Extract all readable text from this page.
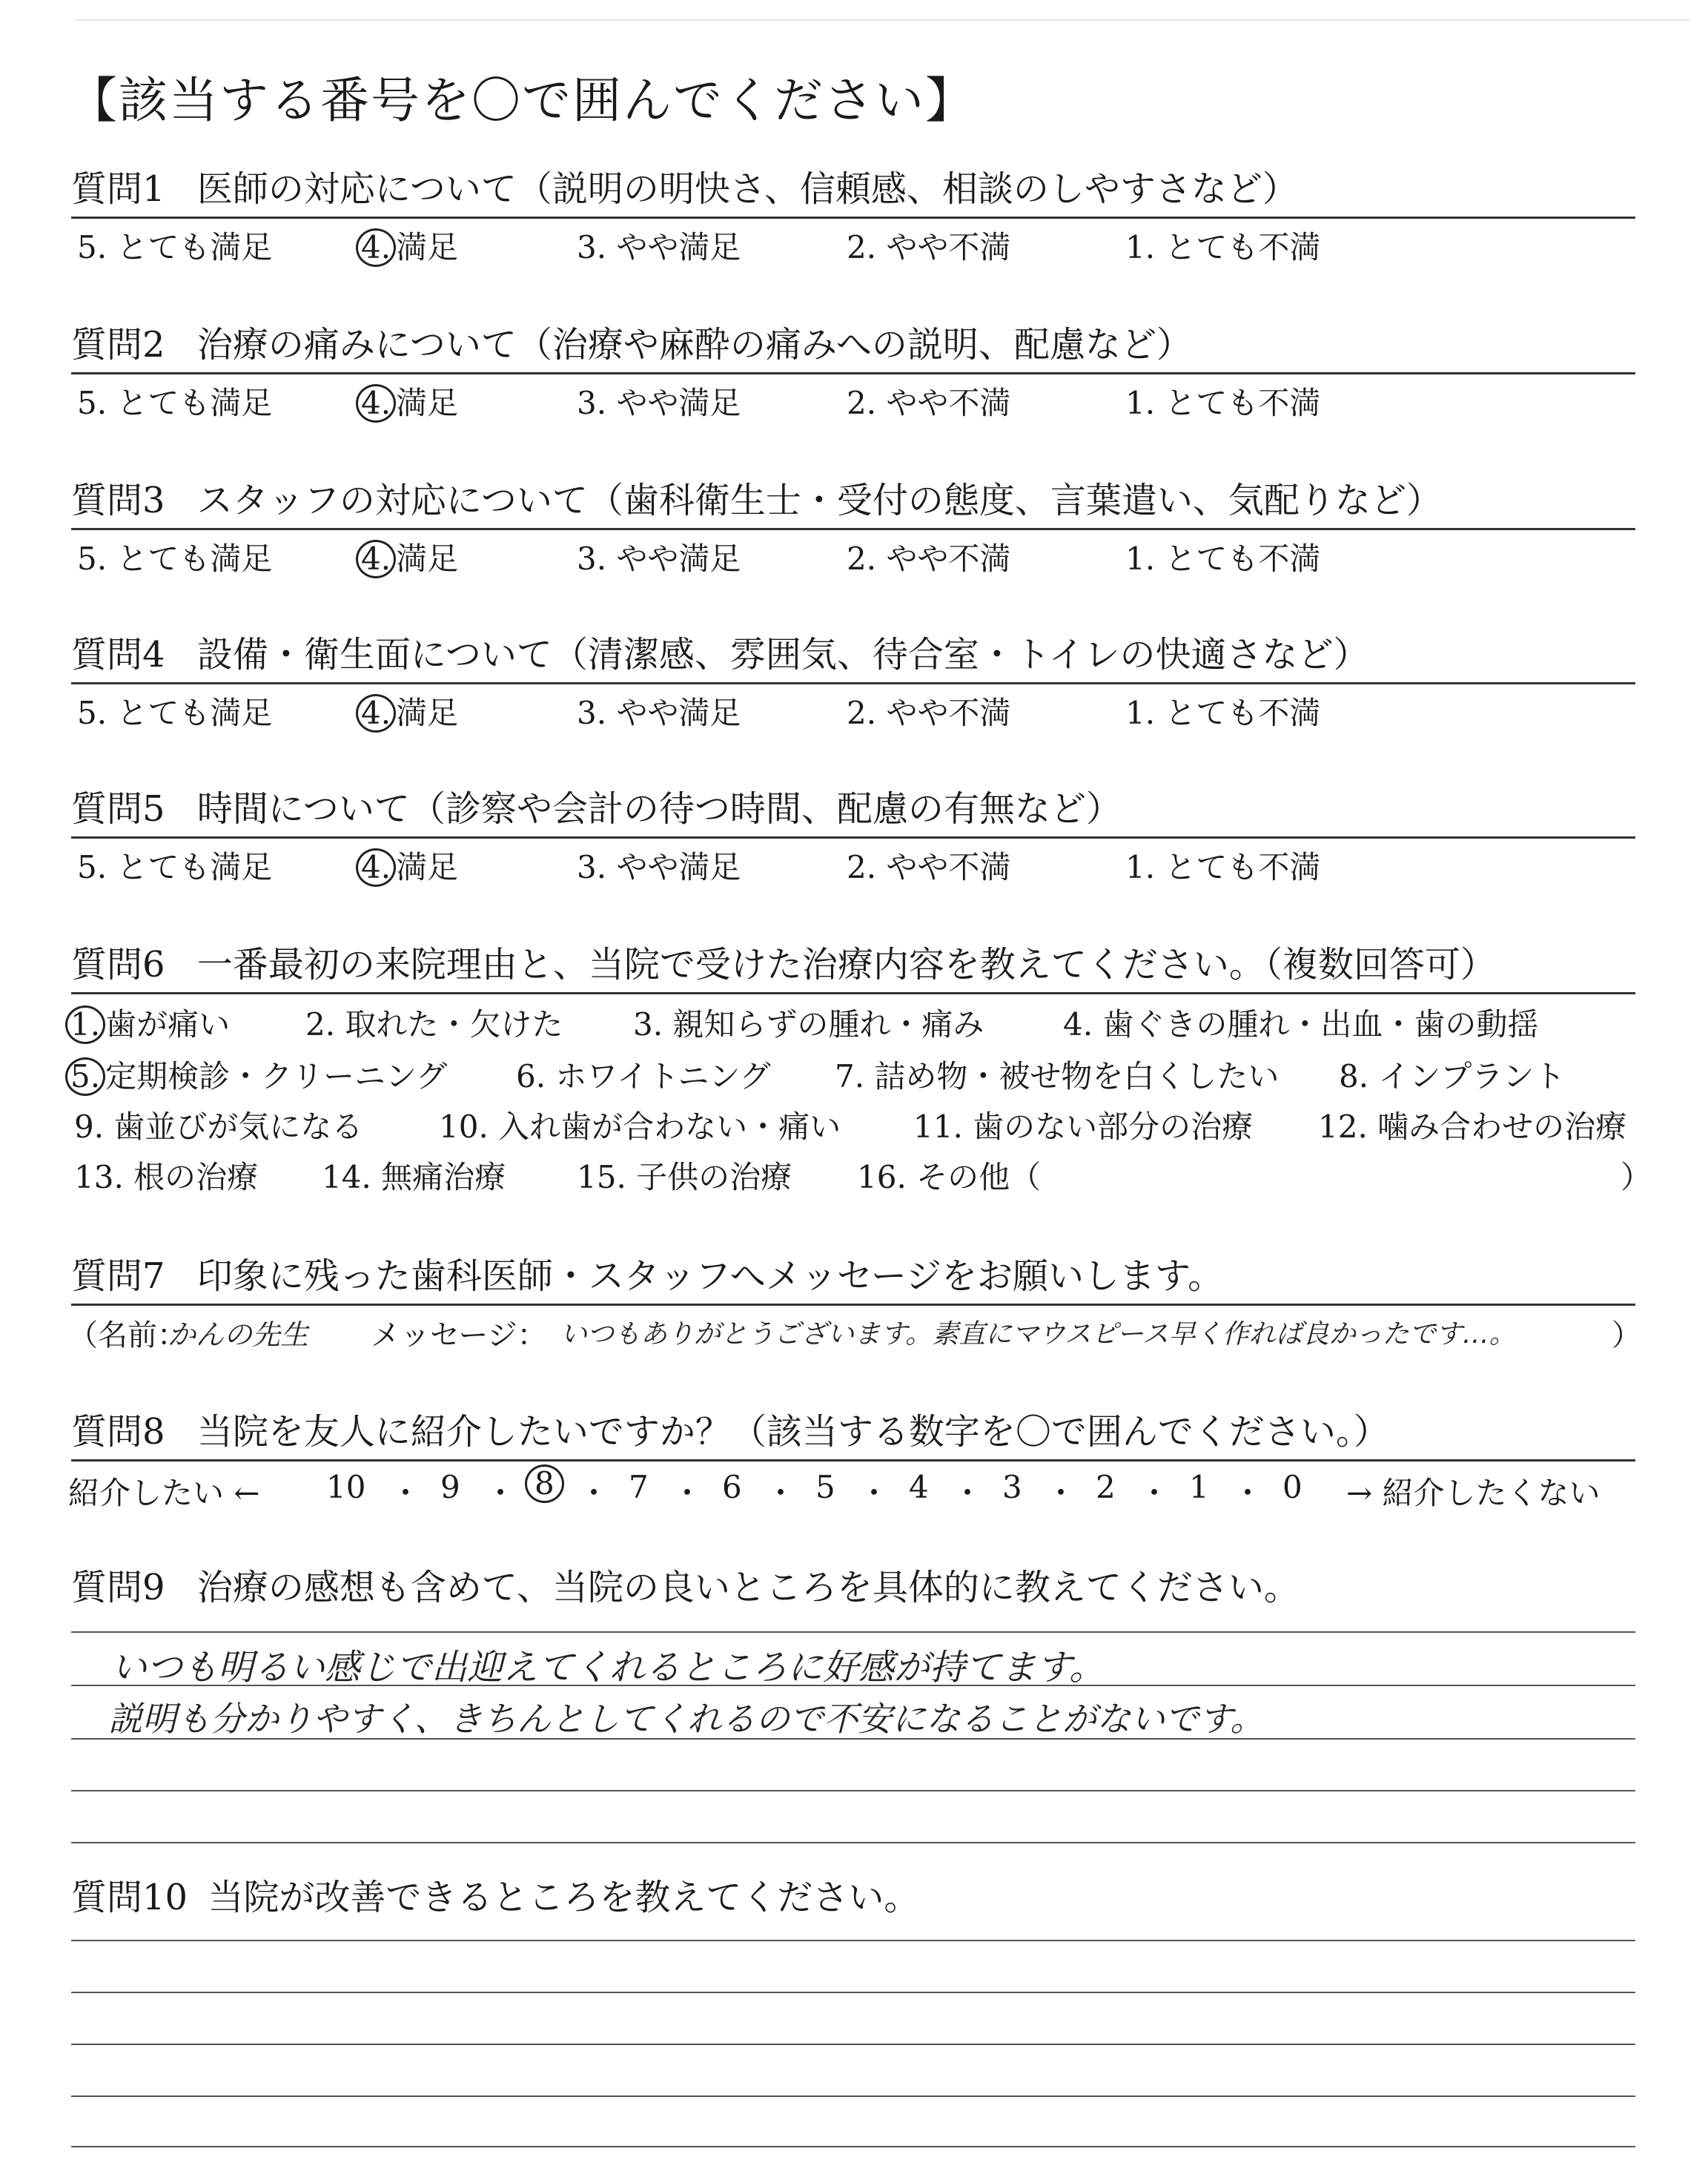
【該当する番号を〇で囲んでください】
質問1 医師の対応について（説明の明快さ、信頼感、相談のしやすさなど）
5. とても満足	4. 満足	3. やや満足	2. やや不満	1. とても不満
質問2 治療の痛みについて（治療や麻酔の痛みへの説明、配慮など）
5. とても満足	4. 満足	3. やや満足	2. やや不満	1. とても不満
質問3 スタッフの対応について（歯科衛生士・受付の態度、言葉遣い、気配りなど）
5. とても満足	4. 満足	3. やや満足	2. やや不満	1. とても不満
質問4 設備・衛生面について（清潔感、雰囲気、待合室・トイレの快適さなど）
5. とても満足	4. 満足	3. やや満足	2. やや不満	1. とても不満
質問5 時間について（診察や会計の待つ時間、配慮の有無など）
5. とても満足	4. 満足	3. やや満足	2. やや不満	1. とても不満
質問6 一番最初の来院理由と、当院で受けた治療内容を教えてください。（複数回答可）
1. 歯が痛い 2. 取れた・欠けた 3. 親知らずの腫れ・痛み	4. 歯ぐきの腫れ・出血・歯の動揺
5. 定期検診・クリーニング 6. ホワイトニング 7. 詰め物・被せ物を白くしたい 8. インプラント
9. 歯並びが気になる 10. 入れ歯が合わない・痛い 11. 歯のない部分の治療 12. 噛み合わせの治療
13. 根の治療 14. 無痛治療 15. 子供の治療 16. その他（	）
質問7 印象に残った歯科医師・スタッフへメッセージをお願いします。
（名前：
かんの先生 メッセージ： いつもありがとうございます。素直にマウスピース早く作れば良かったです…。	）
質問8 当院を友人に紹介したいですか？（該当する数字を〇で囲んでください。）
紹介したい ← 10 ・ 9 ・ 8 ・ 7 ・ 6 ・ 5 ・ 4 ・ 3 ・ 2 ・ 1 ・ 0 → 紹介したくない
質問9 治療の感想も含めて、当院の良いところを具体的に教えてください。
いつも明るい感じで出迎えてくれるところに好感が持てます。
説明も分かりやすく、きちんとしてくれるので不安になることがないです。
質問10 当院が改善できるところを教えてください。
